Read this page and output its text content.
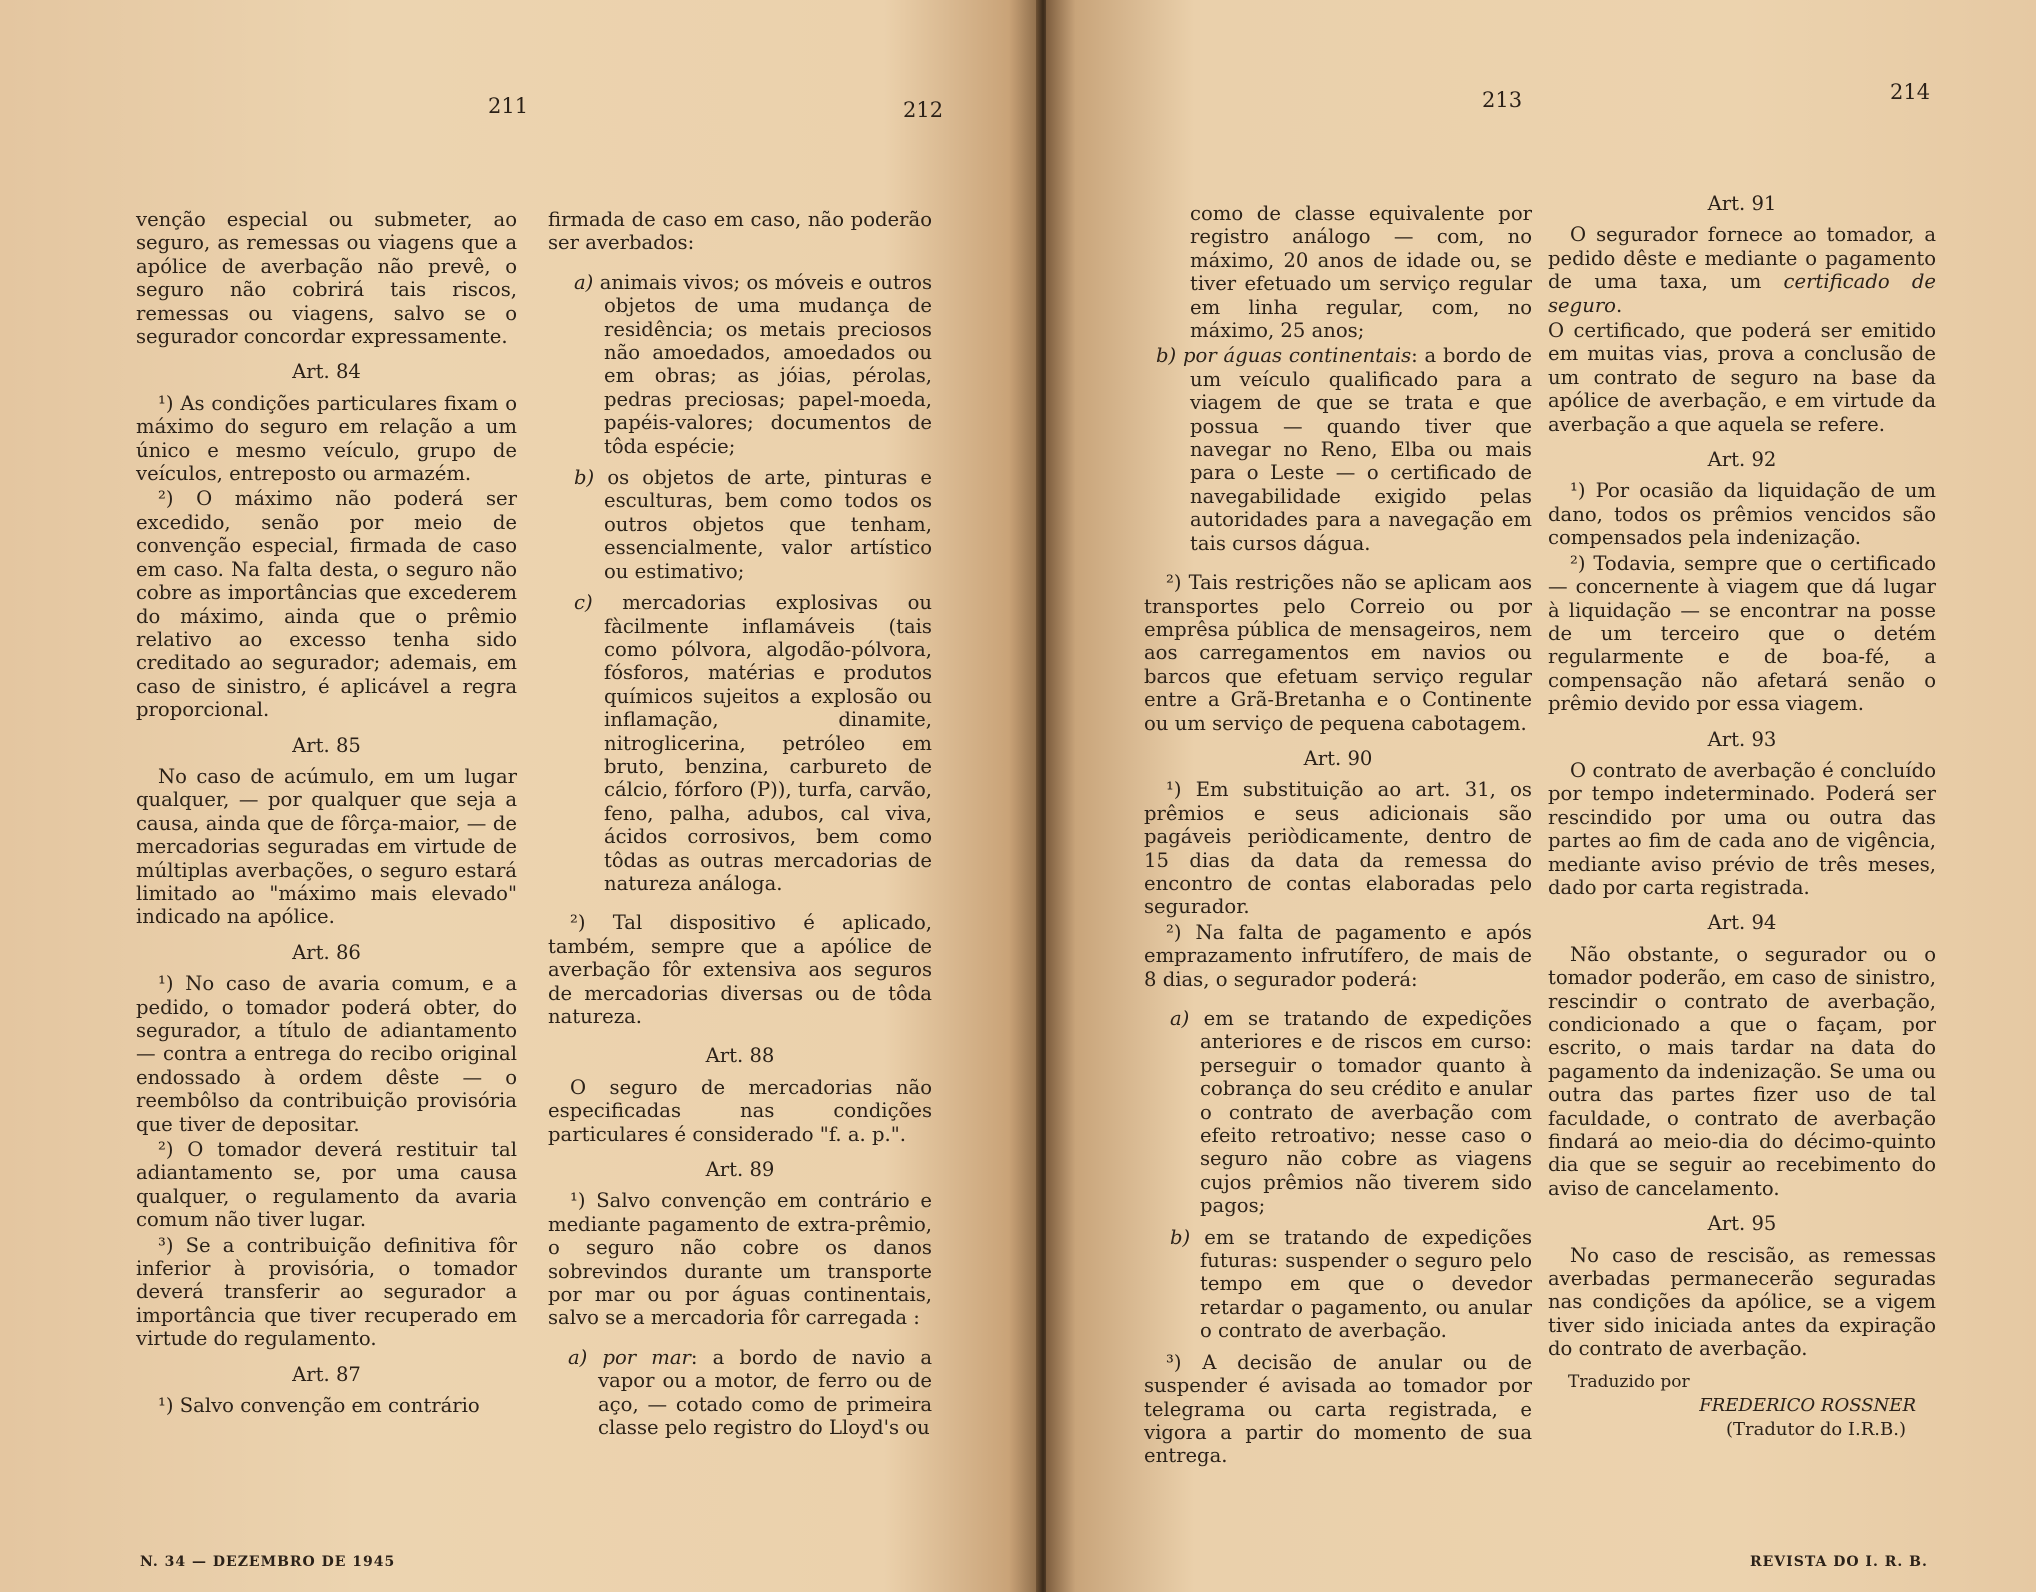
211	212

venção especial ou submeter, ao seguro, as remessas ou viagens que a apólice de averbação não prevê, o seguro não cobrirá tais riscos, remessas ou viagens, salvo se o segurador concordar expressamente.

Art. 84

¹) As condições particulares fixam o máximo do seguro em relação a um único e mesmo veículo, grupo de veículos, entreposto ou armazém.

²) O máximo não poderá ser excedido, senão por meio de convenção especial, firmada de caso em caso. Na falta desta, o seguro não cobre as importâncias que excederem do máximo, ainda que o prêmio relativo ao excesso tenha sido creditado ao segurador; ademais, em caso de sinistro, é aplicável a regra proporcional.

Art. 85

No caso de acúmulo, em um lugar qualquer, — por qualquer que seja a causa, ainda que de fôrça-maior, — de mercadorias seguradas em virtude de múltiplas averbações, o seguro estará limitado ao "máximo mais elevado" indicado na apólice.

Art. 86

¹) No caso de avaria comum, e a pedido, o tomador poderá obter, do segurador, a título de adiantamento — contra a entrega do recibo original endossado à ordem dêste — o reembôlso da contribuição provisória que tiver de depositar.

²) O tomador deverá restituir tal adiantamento se, por uma causa qualquer, o regulamento da avaria comum não tiver lugar.

³) Se a contribuição definitiva fôr inferior à provisória, o tomador deverá transferir ao segurador a importância que tiver recuperado em virtude do regulamento.

Art. 87

¹) Salvo convenção em contrário

firmada de caso em caso, não poderão ser averbados:

a) animais vivos; os móveis e outros objetos de uma mudança de residência; os metais preciosos não amoedados, amoedados ou em obras; as jóias, pérolas, pedras preciosas; papel-moeda, papéis-valores; documentos de tôda espécie;

b) os objetos de arte, pinturas e esculturas, bem como todos os outros objetos que tenham, essencialmente, valor artístico ou estimativo;

c) mercadorias explosivas ou fàcilmente inflamáveis (tais como pólvora, algodão-pólvora, fósforos, matérias e produtos químicos sujeitos a explosão ou inflamação, dinamite, nitroglicerina, petróleo em bruto, benzina, carbureto de cálcio, fórforo (P)), turfa, carvão, feno, palha, adubos, cal viva, ácidos corrosivos, bem como tôdas as outras mercadorias de natureza análoga.

²) Tal dispositivo é aplicado, também, sempre que a apólice de averbação fôr extensiva aos seguros de mercadorias diversas ou de tôda natureza.

Art. 88

O seguro de mercadorias não especificadas nas condições particulares é considerado "f. a. p.".

Art. 89

¹) Salvo convenção em contrário e mediante pagamento de extra-prêmio, o seguro não cobre os danos sobrevindos durante um transporte por mar ou por águas continentais, salvo se a mercadoria fôr carregada :

a) por mar: a bordo de navio a vapor ou a motor, de ferro ou de aço, — cotado como de primeira classe pelo registro do Lloyd's ou

213	214

como de classe equivalente por registro análogo — com, no máximo, 20 anos de idade ou, se tiver efetuado um serviço regular em linha regular, com, no máximo, 25 anos;

b) por águas continentais: a bordo de um veículo qualificado para a viagem de que se trata e que possua — quando tiver que navegar no Reno, Elba ou mais para o Leste — o certificado de navegabilidade exigido pelas autoridades para a navegação em tais cursos dágua.

²) Tais restrições não se aplicam aos transportes pelo Correio ou por emprêsa pública de mensageiros, nem aos carregamentos em navios ou barcos que efetuam serviço regular entre a Grã-Bretanha e o Continente ou um serviço de pequena cabotagem.

Art. 90

¹) Em substituição ao art. 31, os prêmios e seus adicionais são pagáveis periòdicamente, dentro de 15 dias da data da remessa do encontro de contas elaboradas pelo segurador.

²) Na falta de pagamento e após emprazamento infrutífero, de mais de 8 dias, o segurador poderá:

a) em se tratando de expedições anteriores e de riscos em curso: perseguir o tomador quanto à cobrança do seu crédito e anular o contrato de averbação com efeito retroativo; nesse caso o seguro não cobre as viagens cujos prêmios não tiverem sido pagos;

b) em se tratando de expedições futuras: suspender o seguro pelo tempo em que o devedor retardar o pagamento, ou anular o contrato de averbação.

³) A decisão de anular ou de suspender é avisada ao tomador por telegrama ou carta registrada, e vigora a partir do momento de sua entrega.

Art. 91

O segurador fornece ao tomador, a pedido dêste e mediante o pagamento de uma taxa, um certificado de seguro.

O certificado, que poderá ser emitido em muitas vias, prova a conclusão de um contrato de seguro na base da apólice de averbação, e em virtude da averbação a que aquela se refere.

Art. 92

¹) Por ocasião da liquidação de um dano, todos os prêmios vencidos são compensados pela indenização.

²) Todavia, sempre que o certificado — concernente à viagem que dá lugar à liquidação — se encontrar na posse de um terceiro que o detém regularmente e de boa-fé, a compensação não afetará senão o prêmio devido por essa viagem.

Art. 93

O contrato de averbação é concluído por tempo indeterminado. Poderá ser rescindido por uma ou outra das partes ao fim de cada ano de vigência, mediante aviso prévio de três meses, dado por carta registrada.

Art. 94

Não obstante, o segurador ou o tomador poderão, em caso de sinistro, rescindir o contrato de averbação, condicionado a que o façam, por escrito, o mais tardar na data do pagamento da indenização. Se uma ou outra das partes fizer uso de tal faculdade, o contrato de averbação findará ao meio-dia do décimo-quinto dia que se seguir ao recebimento do aviso de cancelamento.

Art. 95

No caso de rescisão, as remessas averbadas permanecerão seguradas nas condições da apólice, se a vigem tiver sido iniciada antes da expiração do contrato de averbação.

Traduzido por
FREDERICO ROSSNER
(Tradutor do I.R.B.)
REVISTA DO I. R. B.
N. 34 — DEZEMBRO DE 1945
